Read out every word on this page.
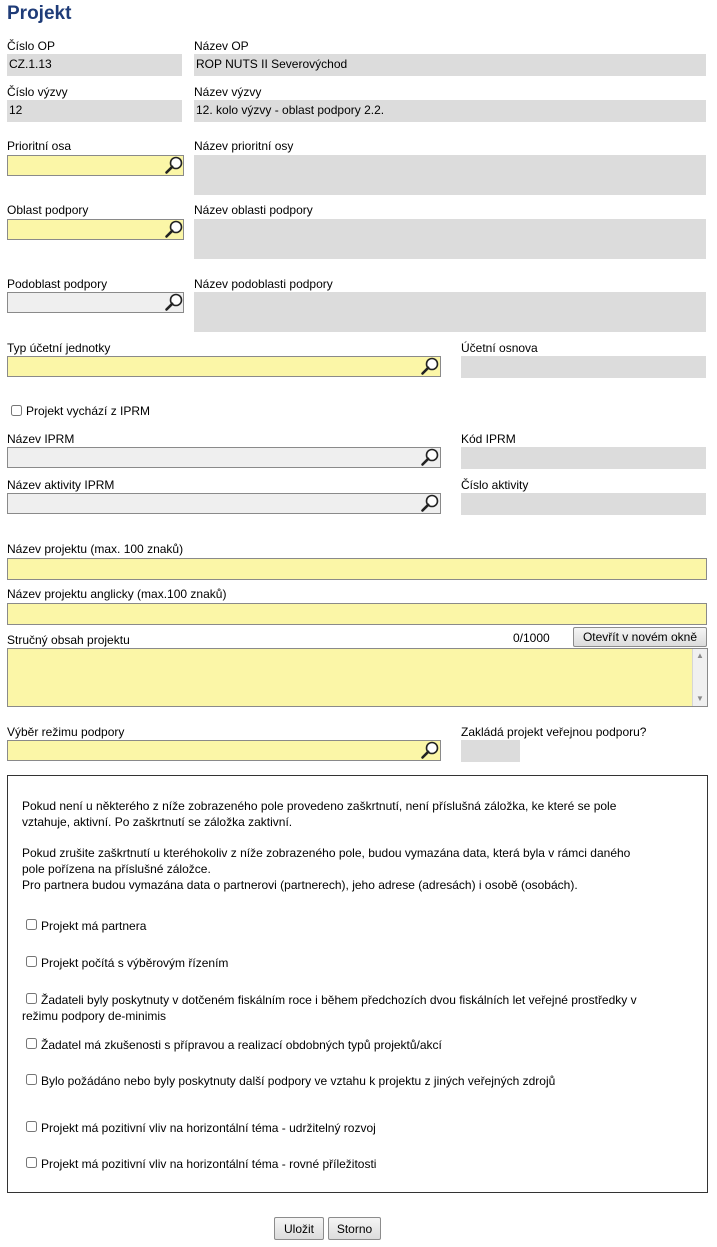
Projekt
Číslo OP
CZ.1.13
Název OP
ROP NUTS II Severovýchod
Číslo výzvy
12
Název výzvy
12. kolo výzvy - oblast podpory 2.2.
Prioritní osa	Název prioritní osy
Oblast podpory	Název oblasti podpory
Podoblast podpory	Název podoblasti podpory
Typ účetní jednotky	Účetní osnova
Projekt vychází z IPRM
Název IPRM	Kód IPRM
Název aktivity IPRM	Číslo aktivity
Název projektu (max. 100 znaků)
Název projektu anglicky (max.100 znaků)
Stručný obsah projektu	0/1000	Otevřít v novém okně
▲
▼
Výběr režimu podpory	Zakládá projekt veřejnou podporu?
Pokud není u některého z níže zobrazeného pole provedeno zaškrtnutí, není příslušná záložka, ke které se pole
vztahuje, aktivní. Po zaškrtnutí se záložka zaktivní.
Pokud zrušite zaškrtnutí u kteréhokoliv z níže zobrazeného pole, budou vymazána data, která byla v rámci daného
pole pořízena na příslušné záložce.
Pro partnera budou vymazána data o partnerovi (partnerech), jeho adrese (adresách) i osobě (osobách).
Projekt má partnera
Projekt počítá s výběrovým řízením
Žadateli byly poskytnuty v dotčeném fiskálním roce i během předchozích dvou fiskálních let veřejné prostředky v
režimu podpory de-minimis
Žadatel má zkušenosti s přípravou a realizací obdobných typů projektů/akcí
Bylo požádáno nebo byly poskytnuty další podpory ve vztahu k projektu z jiných veřejných zdrojů
Projekt má pozitivní vliv na horizontální téma - udržitelný rozvoj
Projekt má pozitivní vliv na horizontální téma - rovné příležitosti
Uložit	Storno
